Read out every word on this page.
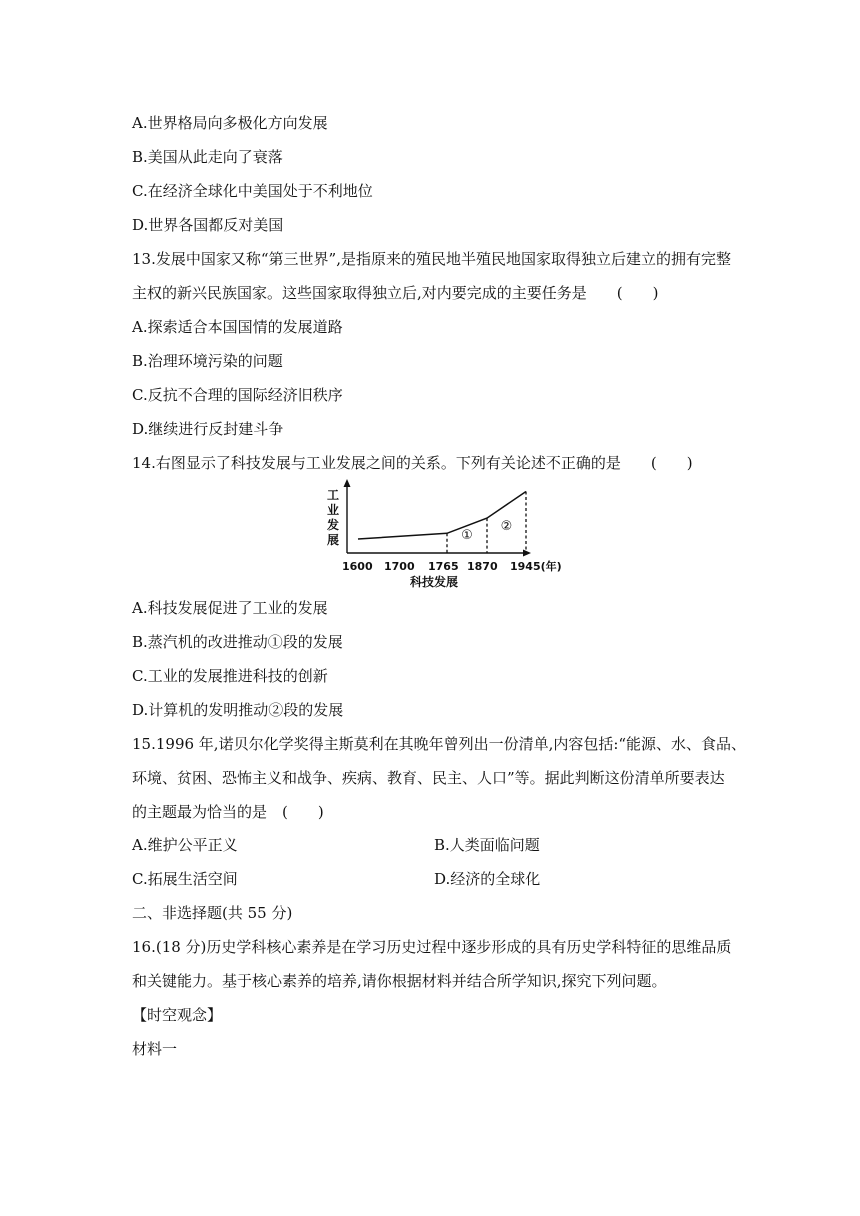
A.世界格局向多极化方向发展
B.美国从此走向了衰落
C.在经济全球化中美国处于不利地位
D.世界各国都反对美国
13.发展中国家又称“第三世界”,是指原来的殖民地半殖民地国家取得独立后建立的拥有完整
主权的新兴民族国家。这些国家取得独立后,对内要完成的主要任务是　　(　　)
A.探索适合本国国情的发展道路
B.治理环境污染的问题
C.反抗不合理的国际经济旧秩序
D.继续进行反封建斗争
14.右图显示了科技发展与工业发展之间的关系。下列有关论述不正确的是　　(　　)
工
业
发
展
1600 1700 1765 1870 1945(年)
①
②
科技发展
A.科技发展促进了工业的发展
B.蒸汽机的改进推动①段的发展
C.工业的发展推进科技的创新
D.计算机的发明推动②段的发展
15.1996 年,诺贝尔化学奖得主斯莫利在其晚年曾列出一份清单,内容包括:“能源、水、食品、
环境、贫困、恐怖主义和战争、疾病、教育、民主、人口”等。据此判断这份清单所要表达
的主题最为恰当的是　(　　)
A.维护公平正义	B.人类面临问题
C.拓展生活空间	D.经济的全球化
二、非选择题(共 55 分)
16.(18 分)历史学科核心素养是在学习历史过程中逐步形成的具有历史学科特征的思维品质
和关键能力。基于核心素养的培养,请你根据材料并结合所学知识,探究下列问题。
【时空观念】
材料一
